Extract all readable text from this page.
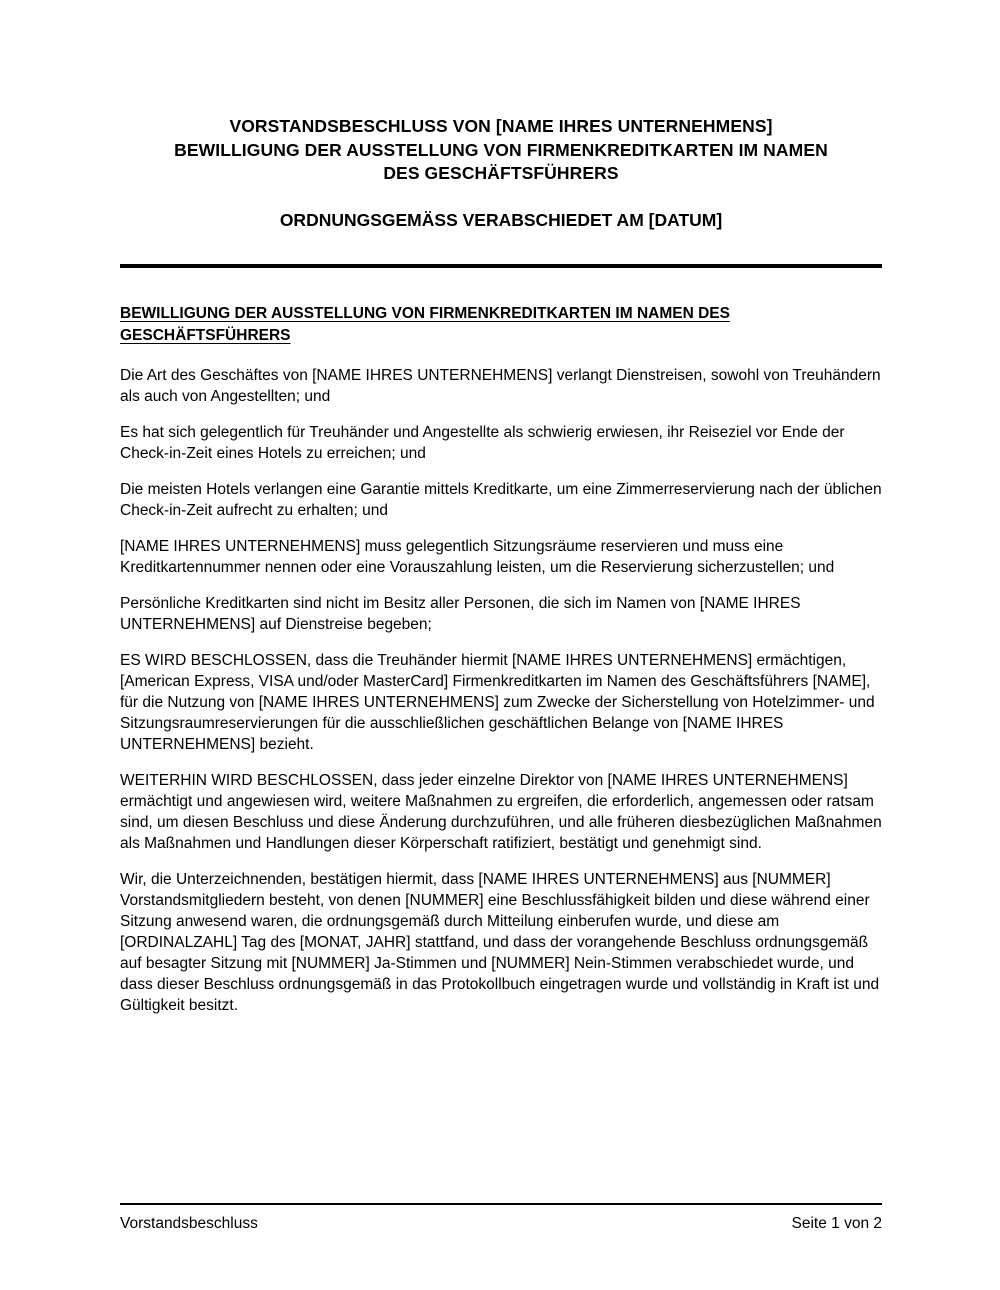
VORSTANDSBESCHLUSS VON [NAME IHRES UNTERNEHMENS]
BEWILLIGUNG DER AUSSTELLUNG VON FIRMENKREDITKARTEN IM NAMEN
DES GESCHÄFTSFÜHRERS
ORDNUNGSGEMÄSS VERABSCHIEDET AM [DATUM]
BEWILLIGUNG DER AUSSTELLUNG VON FIRMENKREDITKARTEN IM NAMEN DES GESCHÄFTSFÜHRERS

Die Art des Geschäftes von [NAME IHRES UNTERNEHMENS] verlangt Dienstreisen, sowohl von Treuhändern als auch von Angestellten; und

Es hat sich gelegentlich für Treuhänder und Angestellte als schwierig erwiesen, ihr Reiseziel vor Ende der Check-in-Zeit eines Hotels zu erreichen; und

Die meisten Hotels verlangen eine Garantie mittels Kreditkarte, um eine Zimmerreservierung nach der üblichen Check-in-Zeit aufrecht zu erhalten; und

[NAME IHRES UNTERNEHMENS] muss gelegentlich Sitzungsräume reservieren und muss eine Kreditkartennummer nennen oder eine Vorauszahlung leisten, um die Reservierung sicherzustellen; und

Persönliche Kreditkarten sind nicht im Besitz aller Personen, die sich im Namen von [NAME IHRES UNTERNEHMENS] auf Dienstreise begeben;

ES WIRD BESCHLOSSEN, dass die Treuhänder hiermit [NAME IHRES UNTERNEHMENS] ermächtigen, [American Express, VISA und/oder MasterCard] Firmenkreditkarten im Namen des Geschäftsführers [NAME], für die Nutzung von [NAME IHRES UNTERNEHMENS] zum Zwecke der Sicherstellung von Hotelzimmer- und Sitzungsraumreservierungen für die ausschließlichen geschäftlichen Belange von [NAME IHRES UNTERNEHMENS] bezieht.

WEITERHIN WIRD BESCHLOSSEN, dass jeder einzelne Direktor von [NAME IHRES UNTERNEHMENS] ermächtigt und angewiesen wird, weitere Maßnahmen zu ergreifen, die erforderlich, angemessen oder ratsam sind, um diesen Beschluss und diese Änderung durchzuführen, und alle früheren diesbezüglichen Maßnahmen als Maßnahmen und Handlungen dieser Körperschaft ratifiziert, bestätigt und genehmigt sind.

Wir, die Unterzeichnenden, bestätigen hiermit, dass [NAME IHRES UNTERNEHMENS] aus [NUMMER] Vorstandsmitgliedern besteht, von denen [NUMMER] eine Beschlussfähigkeit bilden und diese während einer Sitzung anwesend waren, die ordnungsgemäß durch Mitteilung einberufen wurde, und diese am [ORDINALZAHL] Tag des [MONAT, JAHR] stattfand, und dass der vorangehende Beschluss ordnungsgemäß auf besagter Sitzung mit [NUMMER] Ja-Stimmen und [NUMMER] Nein-Stimmen verabschiedet wurde, und dass dieser Beschluss ordnungsgemäß in das Protokollbuch eingetragen wurde und vollständig in Kraft ist und Gültigkeit besitzt.

Vorstandsbeschluss	Seite 1 von 2
